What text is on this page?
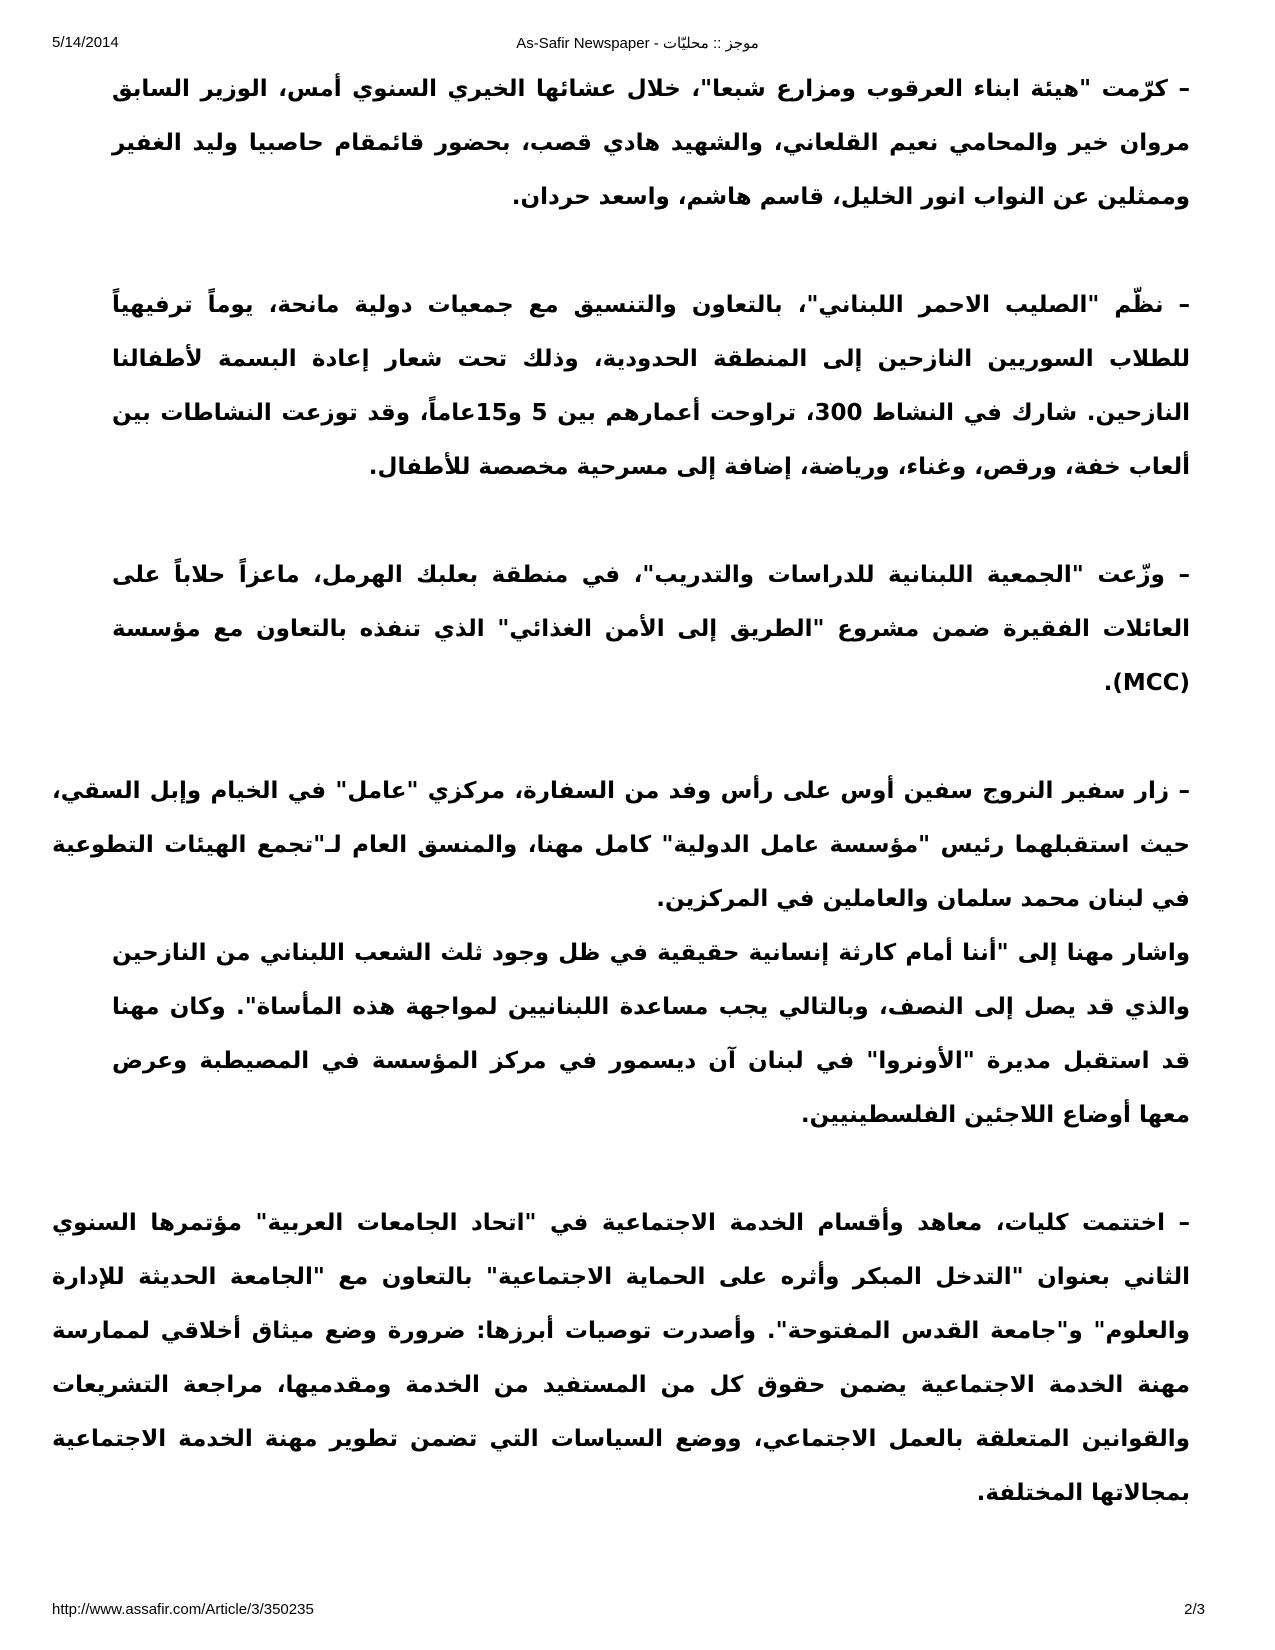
5/14/2014	As-Safir Newspaper - موجز :: محليّات

– كرّمت "هيئة ابناء العرقوب ومزارع شبعا"، خلال عشائها الخيري السنوي أمس، الوزير السابق مروان خير والمحامي نعيم القلعاني، والشهيد هادي قصب، بحضور قائمقام حاصبيا وليد الغفير وممثلين عن النواب انور الخليل، قاسم هاشم، واسعد حردان.

– نظّم "الصليب الاحمر اللبناني"، بالتعاون والتنسيق مع جمعيات دولية مانحة، يوماً ترفيهياً للطلاب السوريين النازحين إلى المنطقة الحدودية، وذلك تحت شعار إعادة البسمة لأطفالنا النازحين. شارك في النشاط 300، تراوحت أعمارهم بين 5 و15عاماً، وقد توزعت النشاطات بين ألعاب خفة، ورقص، وغناء، ورياضة، إضافة إلى مسرحية مخصصة للأطفال.

– وزّعت "الجمعية اللبنانية للدراسات والتدريب"، في منطقة بعلبك الهرمل، ماعزاً حلاباً على العائلات الفقيرة ضمن مشروع "الطريق إلى الأمن الغذائي" الذي تنفذه بالتعاون مع مؤسسة (MCC).

– زار سفير النروج سفين أوس على رأس وفد من السفارة، مركزي "عامل" في الخيام وإبل السقي، حيث استقبلهما رئيس "مؤسسة عامل الدولية" كامل مهنا، والمنسق العام لـ"تجمع الهيئات التطوعية في لبنان محمد سلمان والعاملين في المركزين.

واشار مهنا إلى "أننا أمام كارثة إنسانية حقيقية في ظل وجود ثلث الشعب اللبناني من النازحين والذي قد يصل إلى النصف، وبالتالي يجب مساعدة اللبنانيين لمواجهة هذه المأساة". وكان مهنا قد استقبل مديرة "الأونروا" في لبنان آن ديسمور في مركز المؤسسة في المصيطبة وعرض معها أوضاع اللاجئين الفلسطينيين.

– اختتمت كليات، معاهد وأقسام الخدمة الاجتماعية في "اتحاد الجامعات العربية" مؤتمرها السنوي الثاني بعنوان "التدخل المبكر وأثره على الحماية الاجتماعية" بالتعاون مع "الجامعة الحديثة للإدارة والعلوم" و"جامعة القدس المفتوحة". وأصدرت توصيات أبرزها: ضرورة وضع ميثاق أخلاقي لممارسة مهنة الخدمة الاجتماعية يضمن حقوق كل من المستفيد من الخدمة ومقدميها، مراجعة التشريعات والقوانين المتعلقة بالعمل الاجتماعي، ووضع السياسات التي تضمن تطوير مهنة الخدمة الاجتماعية بمجالاتها المختلفة.

http://www.assafir.com/Article/3/350235	2/3
